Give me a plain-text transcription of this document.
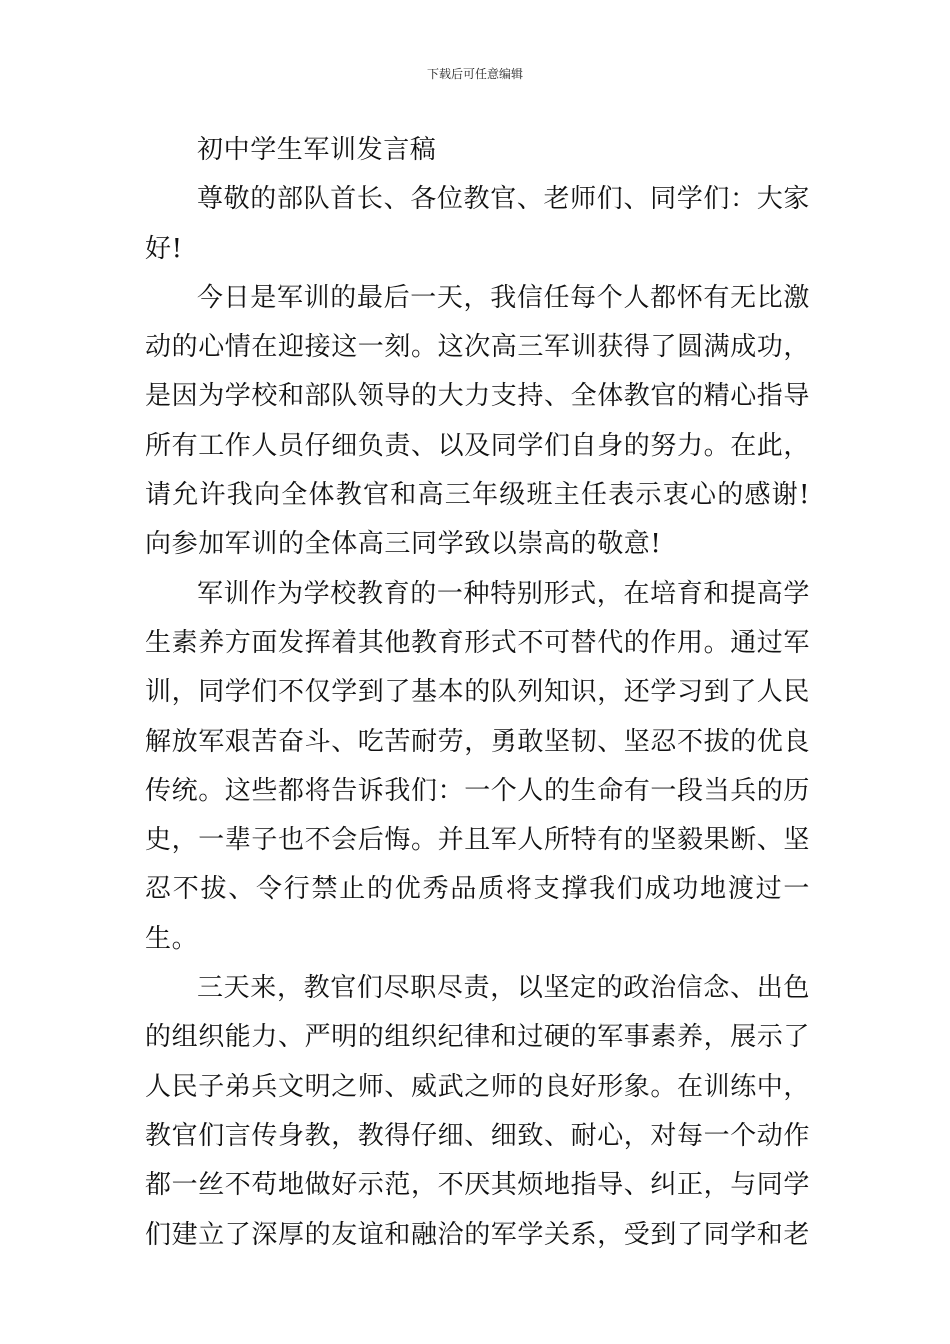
下载后可任意编辑

初中学生军训发言稿

尊敬的部队首长、各位教官、老师们、同学们：大家好!

今日是军训的最后一天，我信任每个人都怀有无比激动的心情在迎接这一刻。这次高三军训获得了圆满成功，是因为学校和部队领导的大力支持、全体教官的精心指导所有工作人员仔细负责、以及同学们自身的努力。在此，请允许我向全体教官和高三年级班主任表示衷心的感谢!向参加军训的全体高三同学致以崇高的敬意!

军训作为学校教育的一种特别形式，在培育和提高学生素养方面发挥着其他教育形式不可替代的作用。通过军训，同学们不仅学到了基本的队列知识，还学习到了人民解放军艰苦奋斗、吃苦耐劳，勇敢坚韧、坚忍不拔的优良传统。这些都将告诉我们：一个人的生命有一段当兵的历史，一辈子也不会后悔。并且军人所特有的坚毅果断、坚忍不拔、令行禁止的优秀品质将支撑我们成功地渡过一生。

三天来，教官们尽职尽责，以坚定的政治信念、出色的组织能力、严明的组织纪律和过硬的军事素养，展示了人民子弟兵文明之师、威武之师的良好形象。在训练中，教官们言传身教，教得仔细、细致、耐心，对每一个动作都一丝不苟地做好示范，不厌其烦地指导、纠正，与同学们建立了深厚的友谊和融洽的军学关系，受到了同学和老
